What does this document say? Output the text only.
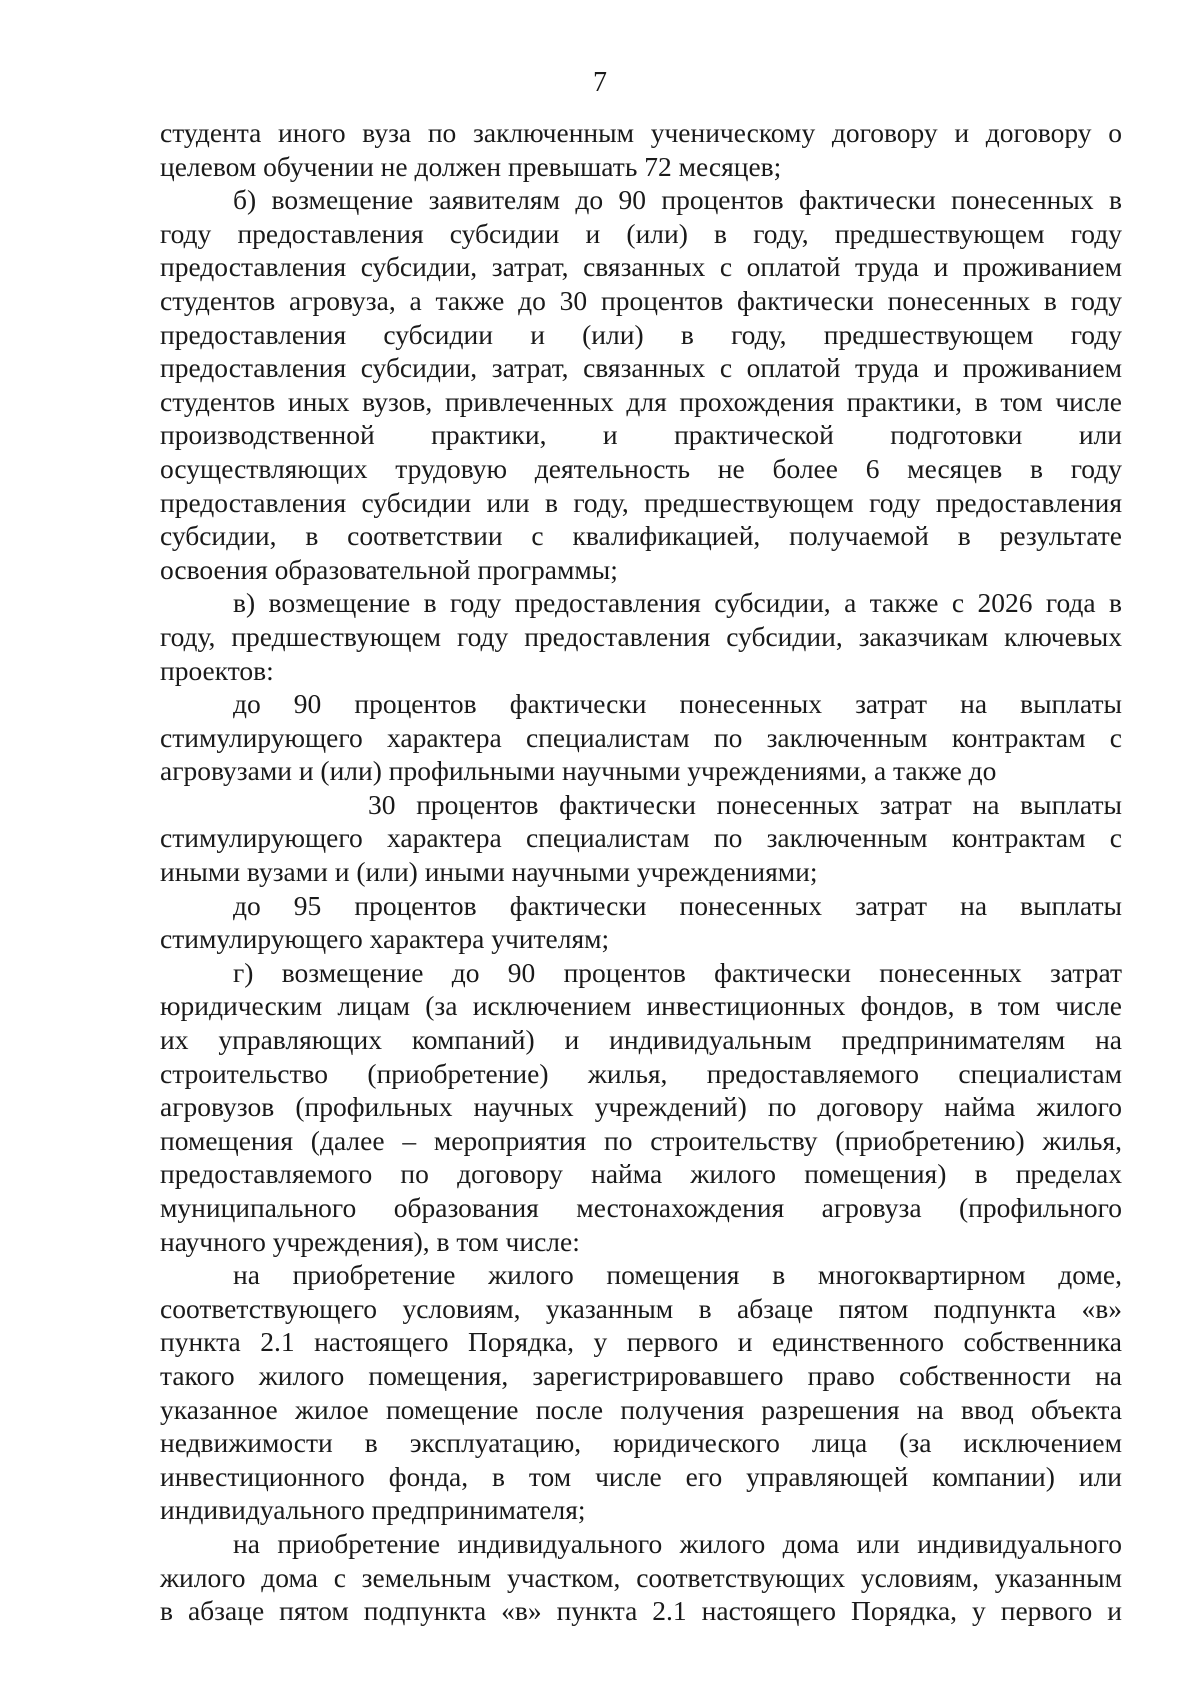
7
студента иного вуза по заключенным ученическому договору и договору о
целевом обучении не должен превышать 72 месяцев;
б) возмещение заявителям до 90 процентов фактически понесенных в
году предоставления субсидии и (или) в году, предшествующем году
предоставления субсидии, затрат, связанных с оплатой труда и проживанием
студентов агровуза, а также до 30 процентов фактически понесенных в году
предоставления субсидии и (или) в году, предшествующем году
предоставления субсидии, затрат, связанных с оплатой труда и проживанием
студентов иных вузов, привлеченных для прохождения практики, в том числе
производственной практики, и практической подготовки или
осуществляющих трудовую деятельность не более 6 месяцев в году
предоставления субсидии или в году, предшествующем году предоставления
субсидии, в соответствии с квалификацией, получаемой в результате
освоения образовательной программы;
в) возмещение в году предоставления субсидии, а также с 2026 года в
году, предшествующем году предоставления субсидии, заказчикам ключевых
проектов:
до 90 процентов фактически понесенных затрат на выплаты
стимулирующего характера специалистам по заключенным контрактам с
агровузами и (или) профильными научными учреждениями, а также до
30 процентов фактически понесенных затрат на выплаты
стимулирующего характера специалистам по заключенным контрактам с
иными вузами и (или) иными научными учреждениями;
до 95 процентов фактически понесенных затрат на выплаты
стимулирующего характера учителям;
г) возмещение до 90 процентов фактически понесенных затрат
юридическим лицам (за исключением инвестиционных фондов, в том числе
их управляющих компаний) и индивидуальным предпринимателям на
строительство (приобретение) жилья, предоставляемого специалистам
агровузов (профильных научных учреждений) по договору найма жилого
помещения (далее – мероприятия по строительству (приобретению) жилья,
предоставляемого по договору найма жилого помещения) в пределах
муниципального образования местонахождения агровуза (профильного
научного учреждения), в том числе:
на приобретение жилого помещения в многоквартирном доме,
соответствующего условиям, указанным в абзаце пятом подпункта «в»
пункта 2.1 настоящего Порядка, у первого и единственного собственника
такого жилого помещения, зарегистрировавшего право собственности на
указанное жилое помещение после получения разрешения на ввод объекта
недвижимости в эксплуатацию, юридического лица (за исключением
инвестиционного фонда, в том числе его управляющей компании) или
индивидуального предпринимателя;
на приобретение индивидуального жилого дома или индивидуального
жилого дома с земельным участком, соответствующих условиям, указанным
в абзаце пятом подпункта «в» пункта 2.1 настоящего Порядка, у первого и
